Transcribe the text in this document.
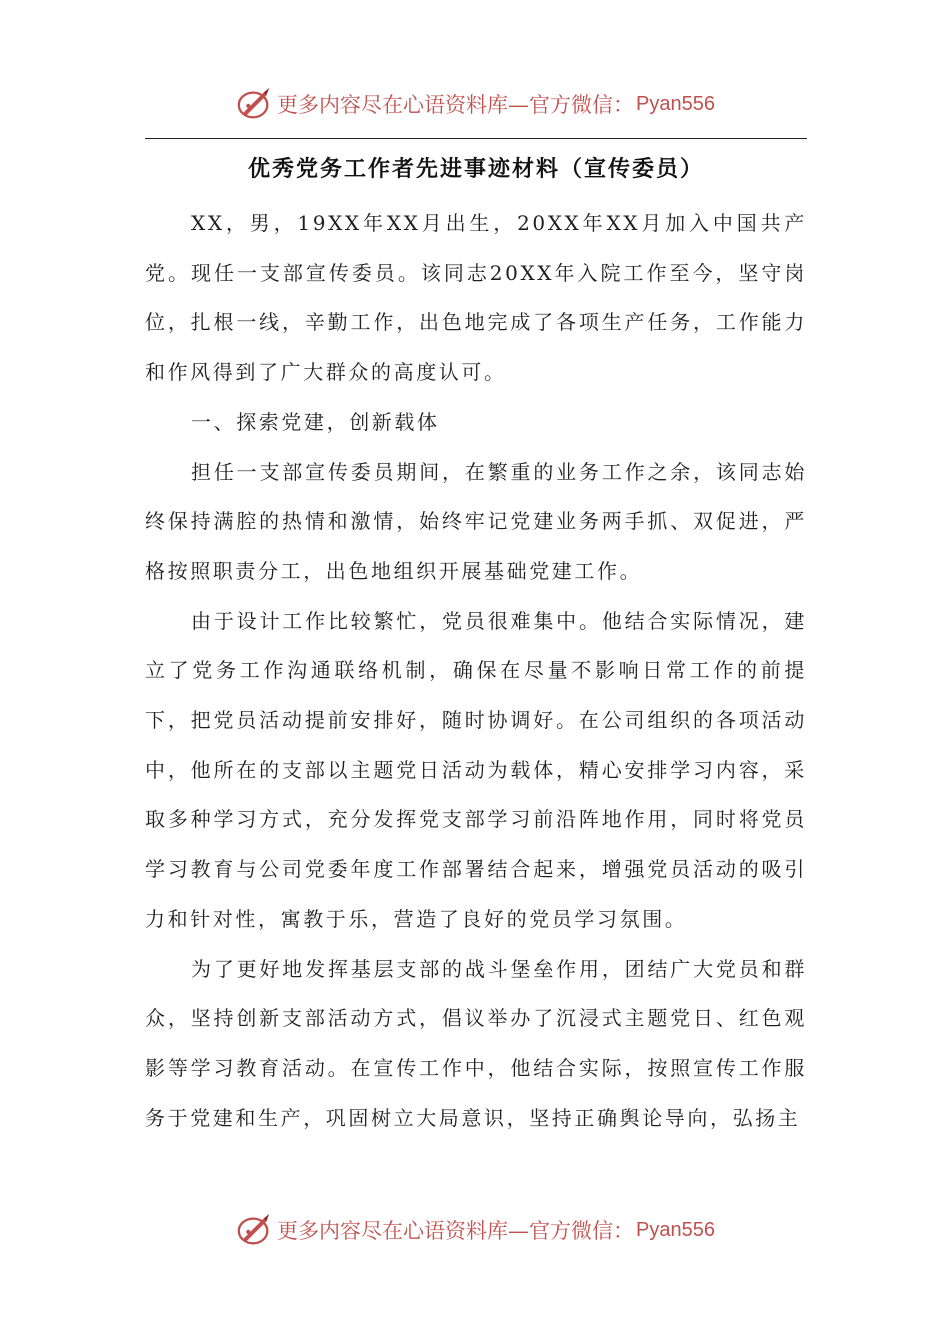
更多内容尽在心语资料库—官方微信： Pyan556
优秀党务工作者先进事迹材料（宣传委员）

XX，男，19XX年XX月出生，20XX年XX月加入中国共产党。现任一支部宣传委员。该同志20XX年入院工作至今，坚守岗位，扎根一线，辛勤工作，出色地完成了各项生产任务，工作能力和作风得到了广大群众的高度认可。

一、探索党建，创新载体

担任一支部宣传委员期间，在繁重的业务工作之余，该同志始终保持满腔的热情和激情，始终牢记党建业务两手抓、双促进，严格按照职责分工，出色地组织开展基础党建工作。

由于设计工作比较繁忙，党员很难集中。他结合实际情况，建立了党务工作沟通联络机制，确保在尽量不影响日常工作的前提下，把党员活动提前安排好，随时协调好。在公司组织的各项活动中，他所在的支部以主题党日活动为载体，精心安排学习内容，采取多种学习方式，充分发挥党支部学习前沿阵地作用，同时将党员学习教育与公司党委年度工作部署结合起来，增强党员活动的吸引力和针对性，寓教于乐，营造了良好的党员学习氛围。

为了更好地发挥基层支部的战斗堡垒作用，团结广大党员和群众，坚持创新支部活动方式，倡议举办了沉浸式主题党日、红色观影等学习教育活动。在宣传工作中，他结合实际，按照宣传工作服务于党建和生产，巩固树立大局意识，坚持正确舆论导向，弘扬主

更多内容尽在心语资料库—官方微信： Pyan556
